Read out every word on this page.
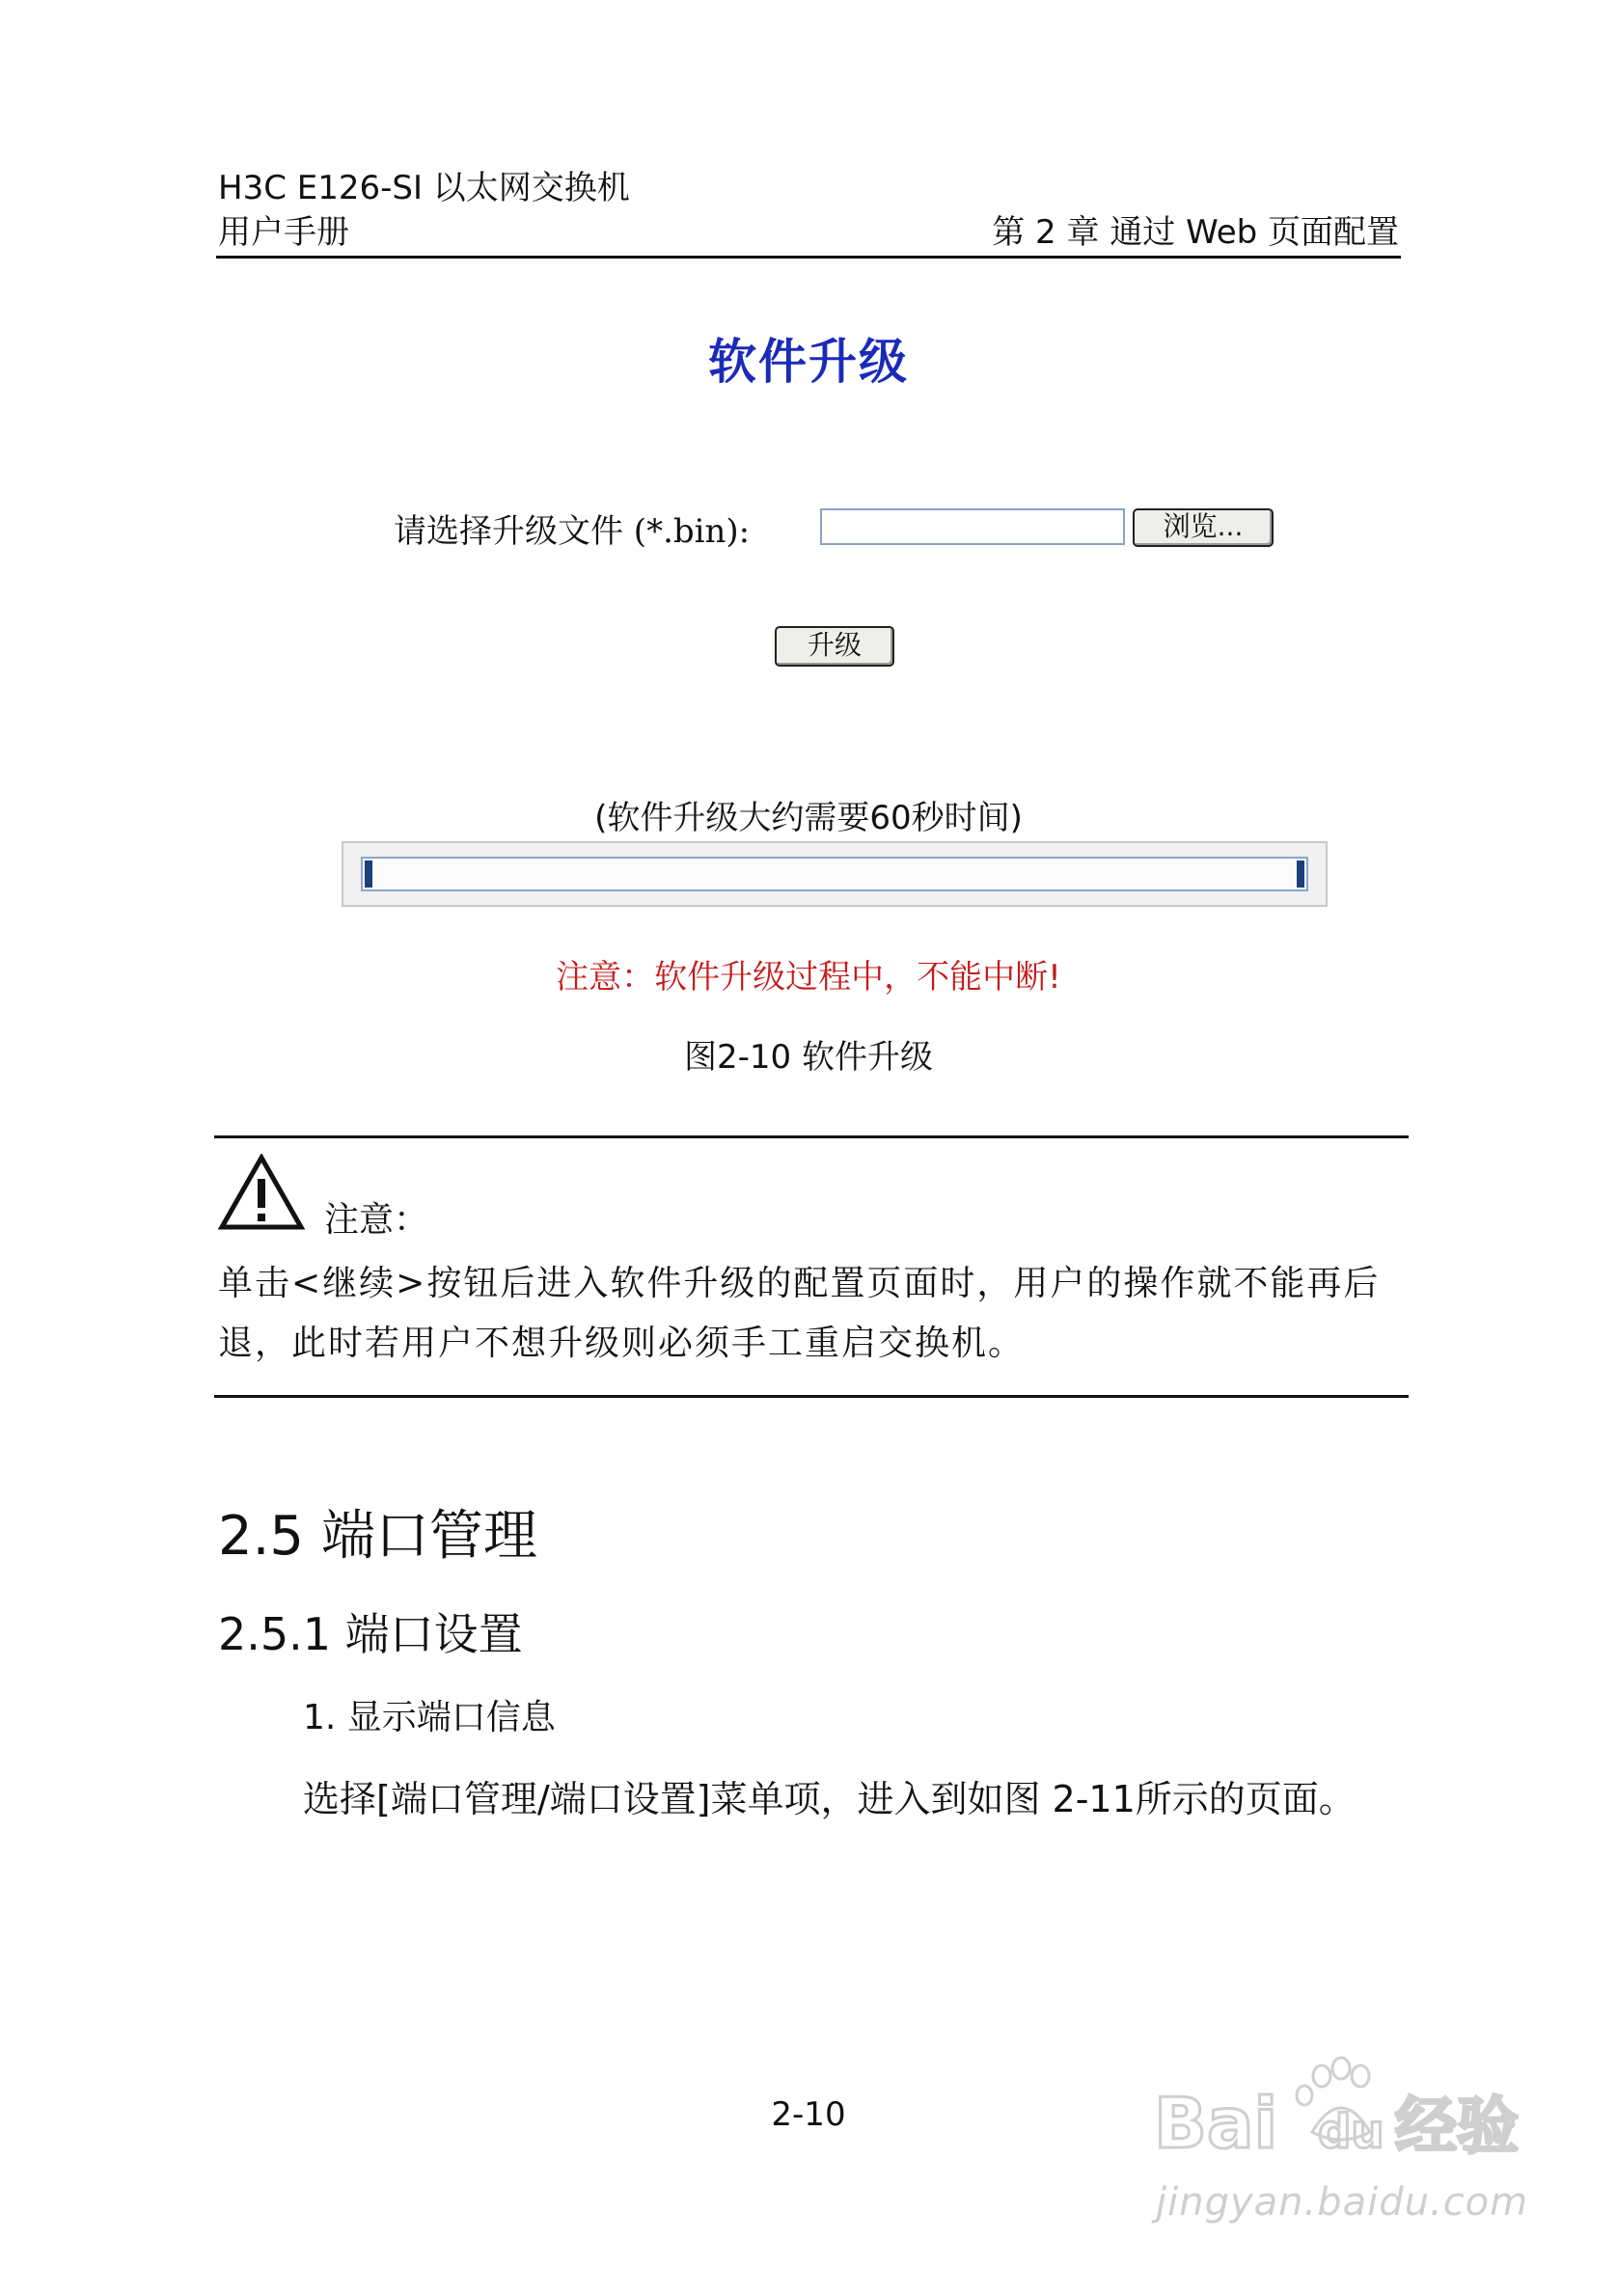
H3C E126-SI 以太网交换机
用户手册	第 2 章 通过 Web 页面配置
软件升级
请选择升级文件 (*.bin):	浏览...
升级
(软件升级大约需要60秒时间)
注意：软件升级过程中，不能中断!
图2-10 软件升级
注意：
单击<继续>按钮后进入软件升级的配置页面时，用户的操作就不能再后退，此时若用户不想升级则必须手工重启交换机。
2.5 端口管理
2.5.1 端口设置
1. 显示端口信息
选择[端口管理/端口设置]菜单项，进入到如图 2-11所示的页面。
2-10	Bai du 经验
jingyan.baidu.com
